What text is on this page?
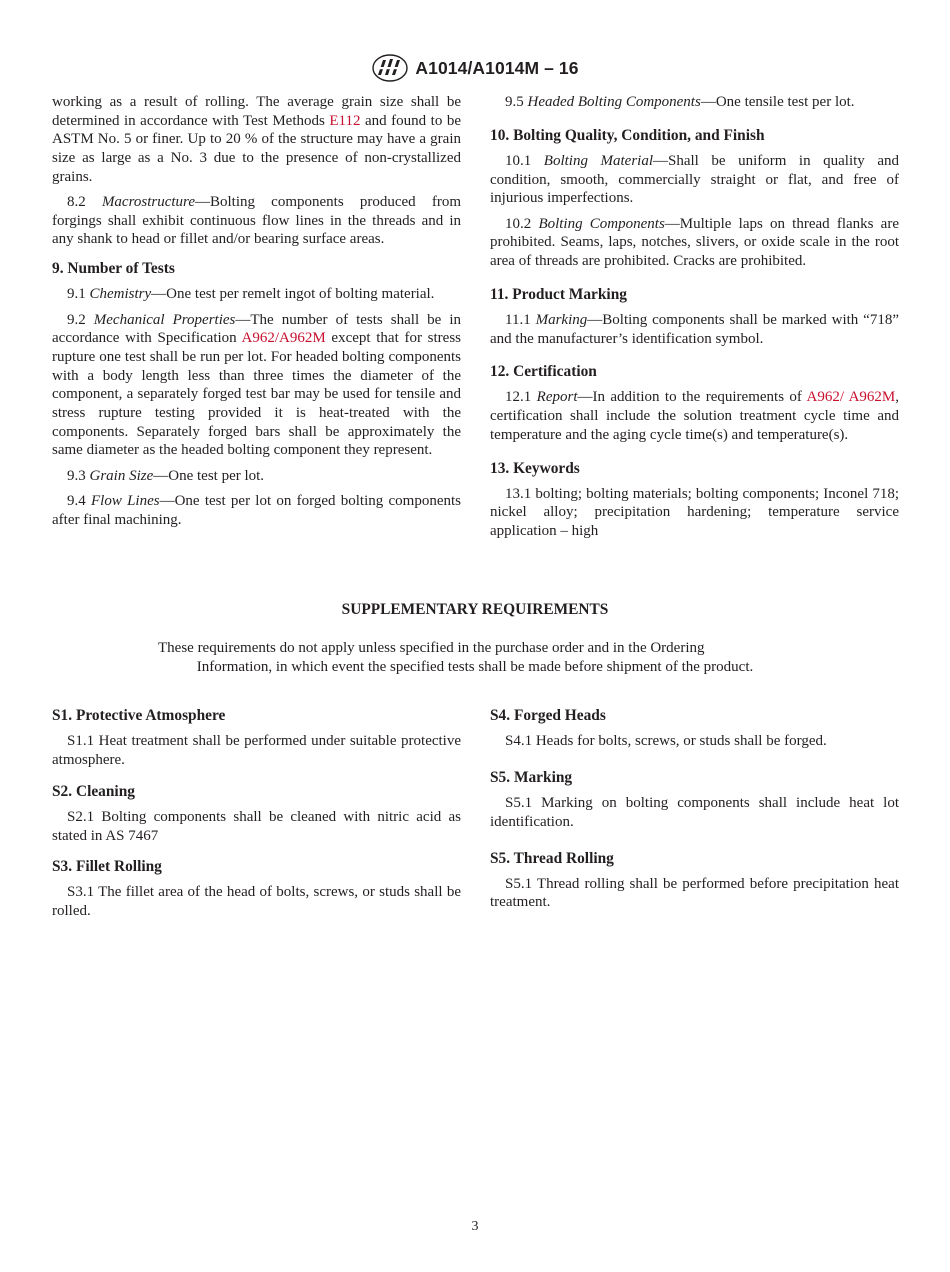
A1014/A1014M – 16

working as a result of rolling. The average grain size shall be determined in accordance with Test Methods E112 and found to be ASTM No. 5 or finer. Up to 20 % of the structure may have a grain size as large as a No. 3 due to the presence of non-crystallized grains.

8.2 Macrostructure—Bolting components produced from forgings shall exhibit continuous flow lines in the threads and in any shank to head or fillet and/or bearing surface areas.

9. Number of Tests

9.1 Chemistry—One test per remelt ingot of bolting material.

9.2 Mechanical Properties—The number of tests shall be in accordance with Specification A962/A962M except that for stress rupture one test shall be run per lot. For headed bolting components with a body length less than three times the diameter of the component, a separately forged test bar may be used for tensile and stress rupture testing provided it is heat-treated with the components. Separately forged bars shall be approximately the same diameter as the headed bolting component they represent.

9.3 Grain Size—One test per lot.

9.4 Flow Lines—One test per lot on forged bolting components after final machining.

9.5 Headed Bolting Components—One tensile test per lot.

10. Bolting Quality, Condition, and Finish

10.1 Bolting Material—Shall be uniform in quality and condition, smooth, commercially straight or flat, and free of injurious imperfections.

10.2 Bolting Components—Multiple laps on thread flanks are prohibited. Seams, laps, notches, slivers, or oxide scale in the root area of threads are prohibited. Cracks are prohibited.

11. Product Marking

11.1 Marking—Bolting components shall be marked with “718” and the manufacturer’s identification symbol.

12. Certification

12.1 Report—In addition to the requirements of A962/ A962M, certification shall include the solution treatment cycle time and temperature and the aging cycle time(s) and temperature(s).

13. Keywords

13.1 bolting; bolting materials; bolting components; Inconel 718; nickel alloy; precipitation hardening; temperature service application – high

SUPPLEMENTARY REQUIREMENTS

These requirements do not apply unless specified in the purchase order and in the Ordering

Information, in which event the specified tests shall be made before shipment of the product.

S1. Protective Atmosphere

S1.1 Heat treatment shall be performed under suitable protective atmosphere.

S2. Cleaning

S2.1 Bolting components shall be cleaned with nitric acid as stated in AS 7467

S3. Fillet Rolling

S3.1 The fillet area of the head of bolts, screws, or studs shall be rolled.

S4. Forged Heads

S4.1 Heads for bolts, screws, or studs shall be forged.

S5. Marking

S5.1 Marking on bolting components shall include heat lot identification.

S5. Thread Rolling

S5.1 Thread rolling shall be performed before precipitation heat treatment.

3
